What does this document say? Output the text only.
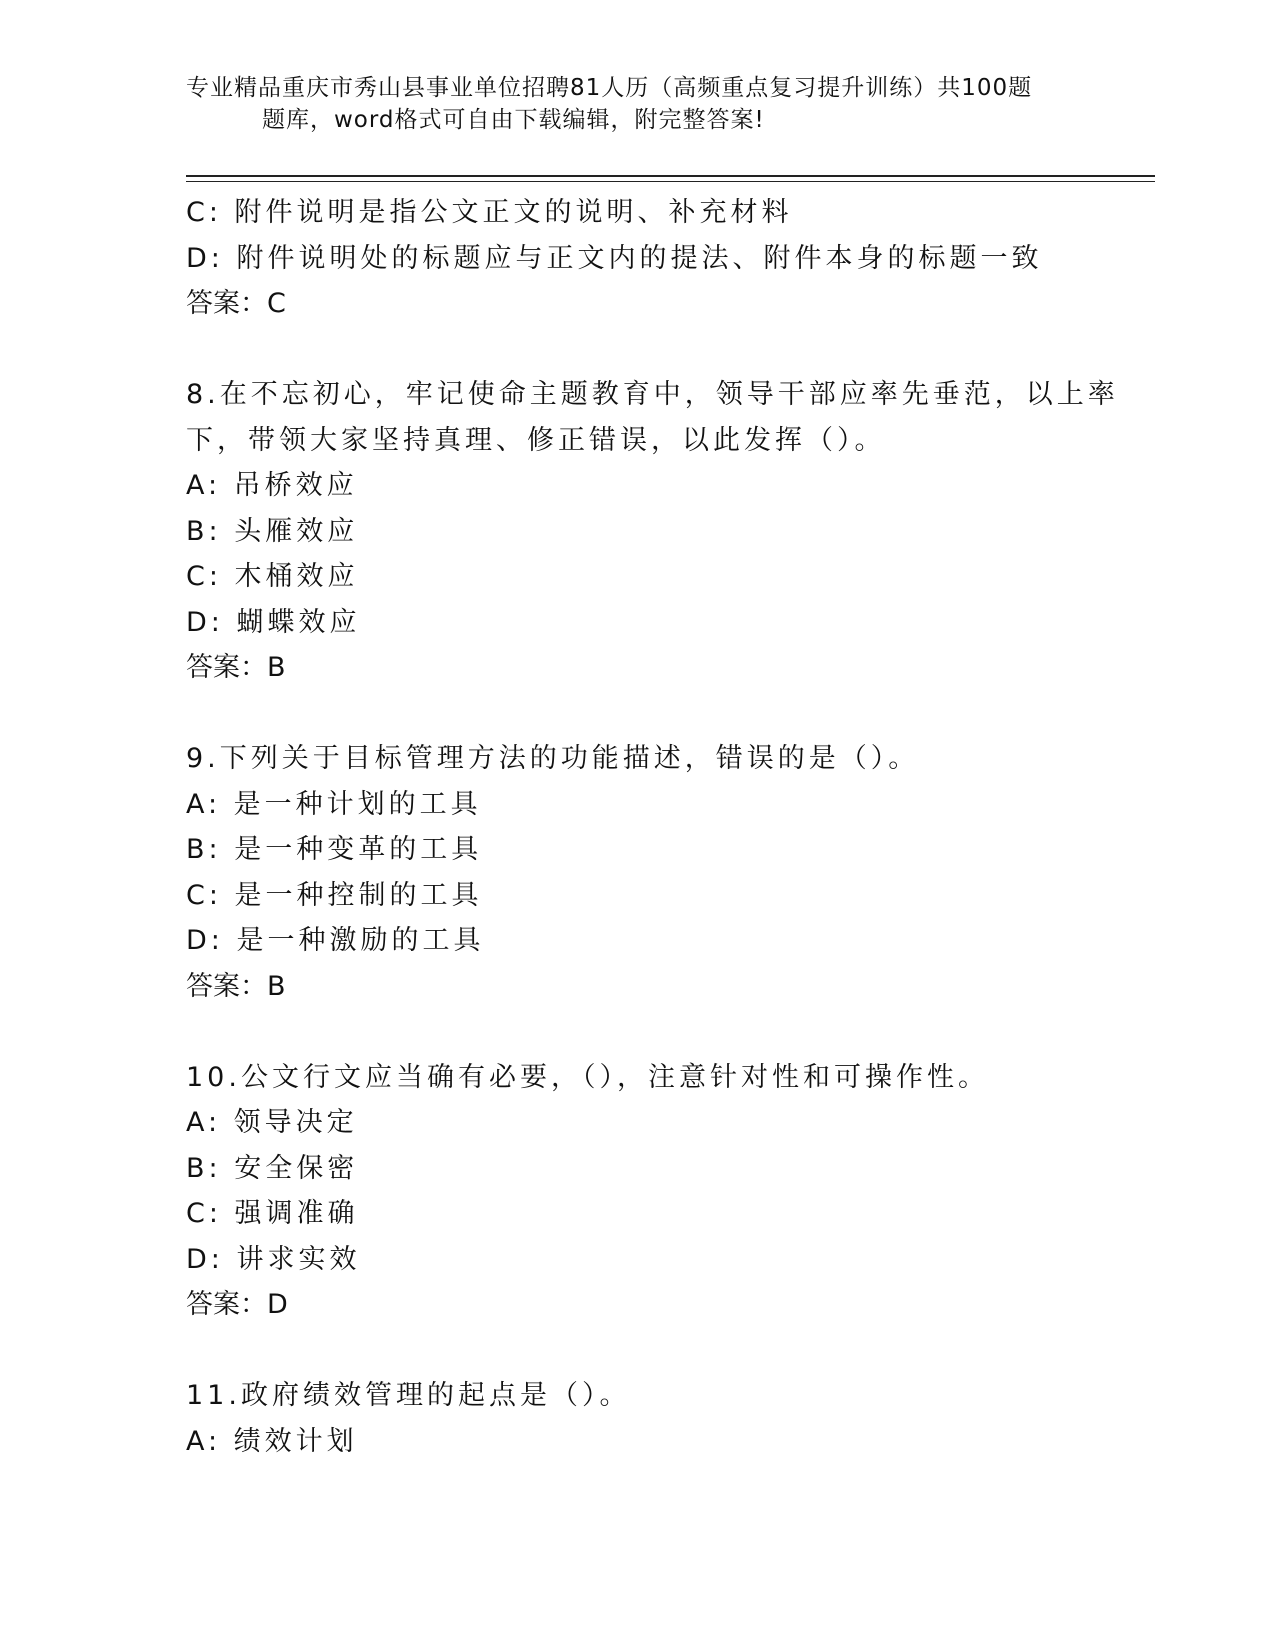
专业精品重庆市秀山县事业单位招聘81人历（高频重点复习提升训练）共100题
题库，word格式可自由下载编辑，附完整答案!
C: 附件说明是指公文正文的说明、补充材料
D: 附件说明处的标题应与正文内的提法、附件本身的标题一致
答案：C
8.在不忘初心，牢记使命主题教育中，领导干部应率先垂范，以上率
下，带领大家坚持真理、修正错误，以此发挥（）。
A: 吊桥效应
B: 头雁效应
C: 木桶效应
D: 蝴蝶效应
答案：B
9.下列关于目标管理方法的功能描述，错误的是（）。
A: 是一种计划的工具
B: 是一种变革的工具
C: 是一种控制的工具
D: 是一种激励的工具
答案：B
10.公文行文应当确有必要，（），注意针对性和可操作性。
A: 领导决定
B: 安全保密
C: 强调准确
D: 讲求实效
答案：D
11.政府绩效管理的起点是（）。
A: 绩效计划
